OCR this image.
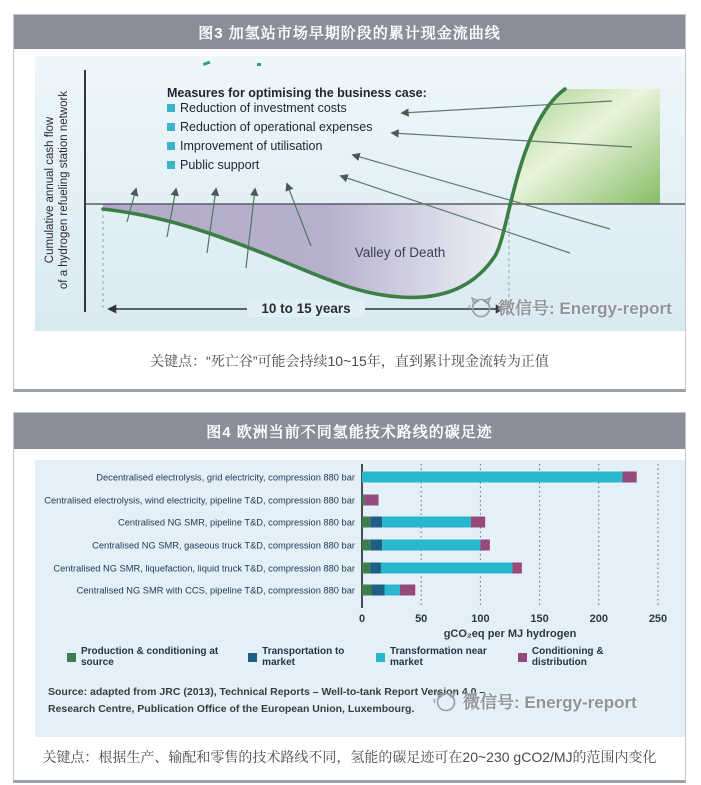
图3 加氢站市场早期阶段的累计现金流曲线
10 to 15 years
Cumulative annual cash flow of a hydrogen refueling station network	Measures for optimising the business case:
Reduction of investment costs
Reduction of operational expenses
Improvement of utilisation
Public support
Valley of Death
微信号: Energy-report
关键点：“死亡谷”可能会持续10~15年，直到累计现金流转为正值
图4 欧洲当前不同氢能技术路线的碳足迹
Decentralised electrolysis, grid electricity, compression 880 bar
Centralised electrolysis, wind electricity, pipeline T&D, compression 880 bar
Centralised NG SMR, pipeline T&D, compression 880 bar
Centralised NG SMR, gaseous truck T&D, compression 880 bar
Centralised NG SMR, liquefaction, liquid truck T&D, compression 880 bar
Centralised NG SMR with CCS, pipeline T&D, compression 880 bar
0	50	100	150	200	250
gCO₂eq per MJ hydrogen
Production & conditioning at source
Transportation to market
Transformation near market
Conditioning & distribution
Source: adapted from JRC (2013), Technical Reports – Well-to-tank Report Version 4.0 –
Research Centre, Publication Office of the European Union, Luxembourg.	微信号: Energy-report
关键点：根据生产、输配和零售的技术路线不同，氢能的碳足迹可在20~230 gCO2/MJ的范围内变化
